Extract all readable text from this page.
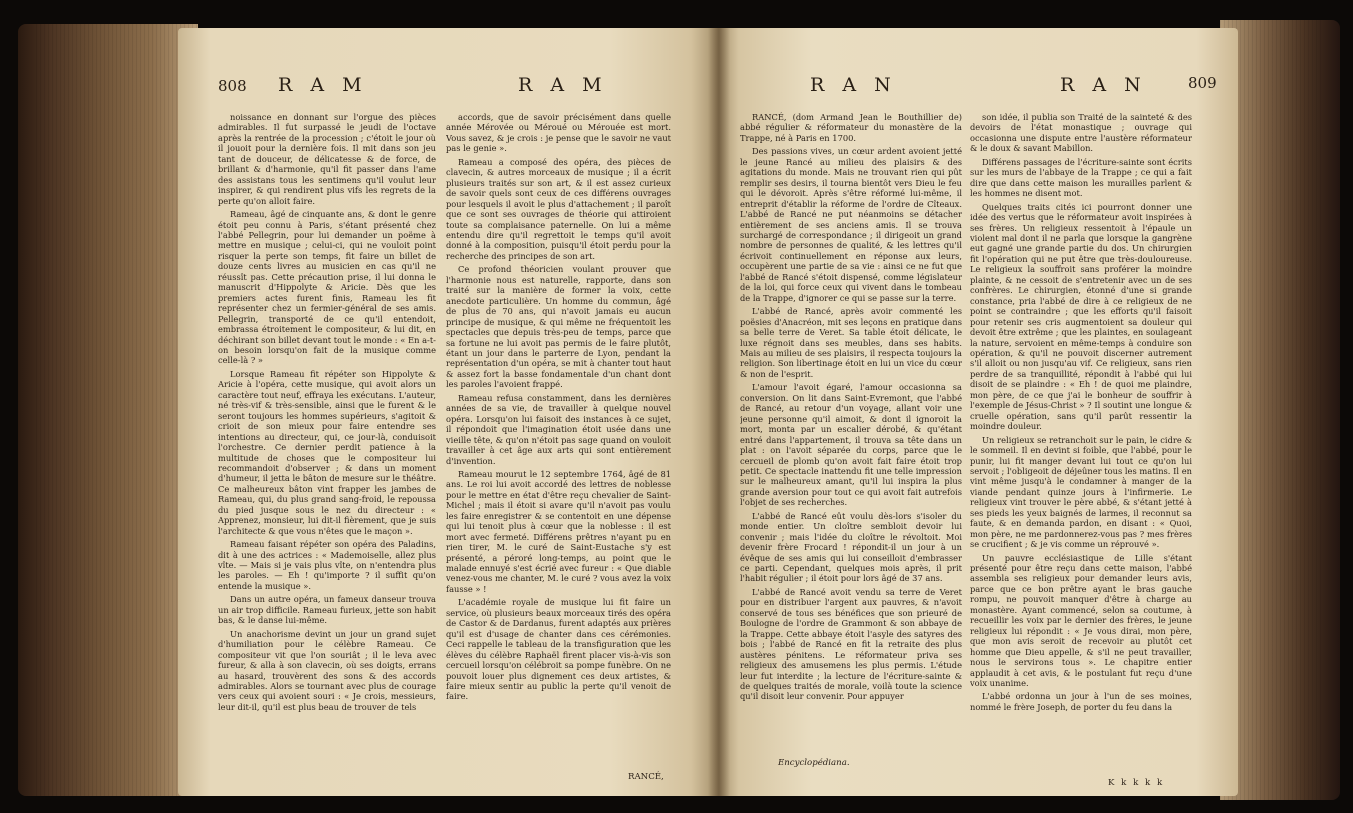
808 R A M	R A M

noissance en donnant sur l'orgue des pièces admirables. Il fut surpassé le jeudi de l'octave après la rentrée de la procession ; c'étoit le jour où il jouoit pour la dernière fois. Il mit dans son jeu tant de douceur, de délicatesse & de force, de brillant & d'harmonie, qu'il fit passer dans l'ame des assistans tous les sentimens qu'il voulut leur inspirer, & qui rendirent plus vifs les regrets de la perte qu'on alloit faire.

Rameau, âgé de cinquante ans, & dont le genre étoit peu connu à Paris, s'étant présenté chez l'abbé Pellegrin, pour lui demander un poëme à mettre en musique ; celui-ci, qui ne vouloit point risquer la perte son temps, fit faire un billet de douze cents livres au musicien en cas qu'il ne réussît pas. Cette précaution prise, il lui donna le manuscrit d'Hippolyte & Aricie. Dès que les premiers actes furent finis, Rameau les fit représenter chez un fermier-général de ses amis. Pellegrin, transporté de ce qu'il entendoit, embrassa étroitement le compositeur, & lui dit, en déchirant son billet devant tout le monde : « En a-t-on besoin lorsqu'on fait de la musique comme celle-là ? »

Lorsque Rameau fit répéter son Hippolyte & Aricie à l'opéra, cette musique, qui avoit alors un caractère tout neuf, effraya les exécutans. L'auteur, né très-vif & très-sensible, ainsi que le furent & le seront toujours les hommes supérieurs, s'agitoit & crioit de son mieux pour faire entendre ses intentions au directeur, qui, ce jour-là, conduisoit l'orchestre. Ce dernier perdit patience à la multitude de choses que le compositeur lui recommandoit d'observer ; & dans un moment d'humeur, il jetta le bâton de mesure sur le théâtre. Ce malheureux bâton vint frapper les jambes de Rameau, qui, du plus grand sang-froid, le repoussa du pied jusque sous le nez du directeur : « Apprenez, monsieur, lui dit-il fièrement, que je suis l'architecte & que vous n'êtes que le maçon ».

Rameau faisant répéter son opéra des Paladins, dit à une des actrices : « Mademoiselle, allez plus vîte. — Mais si je vais plus vîte, on n'entendra plus les paroles. — Eh ! qu'importe ? il suffit qu'on entende la musique ».

Dans un autre opéra, un fameux danseur trouva un air trop difficile. Rameau furieux, jette son habit bas, & le danse lui-même.

Un anachorisme devint un jour un grand sujet d'humiliation pour le célèbre Rameau. Ce compositeur vit que l'on souriât ; il le leva avec fureur, & alla à son clavecin, où ses doigts, errans au hasard, trouvèrent des sons & des accords admirables. Alors se tournant avec plus de courage vers ceux qui avoient souri : « Je crois, messieurs, leur dit-il, qu'il est plus beau de trouver de tels

accords, que de savoir précisément dans quelle année Mérovée ou Méroué ou Mérouée est mort. Vous savez, & je crois : je pense que le savoir ne vaut pas le genie ».

Rameau a composé des opéra, des pièces de clavecin, & autres morceaux de musique ; il a écrit plusieurs traités sur son art, & il est assez curieux de savoir quels sont ceux de ces différens ouvrages pour lesquels il avoit le plus d'attachement ; il paroît que ce sont ses ouvrages de théorie qui attiroient toute sa complaisance paternelle. On lui a même entendu dire qu'il regrettoit le temps qu'il avoit donné à la composition, puisqu'il étoit perdu pour la recherche des principes de son art.

Ce profond théoricien voulant prouver que l'harmonie nous est naturelle, rapporte, dans son traité sur la manière de former la voix, cette anecdote particulière. Un homme du commun, âgé de plus de 70 ans, qui n'avoit jamais eu aucun principe de musique, & qui même ne fréquentoit les spectacles que depuis très-peu de temps, parce que sa fortune ne lui avoit pas permis de le faire plutôt, étant un jour dans le parterre de Lyon, pendant la représentation d'un opéra, se mit à chanter tout haut & assez fort la basse fondamentale d'un chant dont les paroles l'avoient frappé.

Rameau refusa constamment, dans les dernières années de sa vie, de travailler à quelque nouvel opéra. Lorsqu'on lui faisoit des instances à ce sujet, il répondoit que l'imagination étoit usée dans une vieille tête, & qu'on n'étoit pas sage quand on vouloit travailler à cet âge aux arts qui sont entièrement d'invention.

Rameau mourut le 12 septembre 1764, âgé de 81 ans. Le roi lui avoit accordé des lettres de noblesse pour le mettre en état d'être reçu chevalier de Saint-Michel ; mais il étoit si avare qu'il n'avoit pas voulu les faire enregistrer & se contentoit en une dépense qui lui tenoit plus à cœur que la noblesse : il est mort avec fermeté. Différens prêtres n'ayant pu en rien tirer, M. le curé de Saint-Eustache s'y est présenté, a péroré long-temps, au point que le malade ennuyé s'est écrié avec fureur : « Que diable venez-vous me chanter, M. le curé ? vous avez la voix fausse » !

L'académie royale de musique lui fit faire un service, où plusieurs beaux morceaux tirés des opéra de Castor & de Dardanus, furent adaptés aux prières qu'il est d'usage de chanter dans ces cérémonies. Ceci rappelle le tableau de la transfiguration que les élèves du célèbre Raphaël firent placer vis-à-vis son cercueil lorsqu'on célébroit sa pompe funèbre. On ne pouvoit louer plus dignement ces deux artistes, & faire mieux sentir au public la perte qu'il venoit de faire.

RANCÉ,
R A N	R A N	809

RANCÉ, (dom Armand Jean le Bouthillier de) abbé régulier & réformateur du monastère de la Trappe, né à Paris en 1700.

Des passions vives, un cœur ardent avoient jetté le jeune Rancé au milieu des plaisirs & des agitations du monde. Mais ne trouvant rien qui pût remplir ses desirs, il tourna bientôt vers Dieu le feu qui le dévoroit. Après s'être réformé lui-même, il entreprit d'établir la réforme de l'ordre de Cîteaux. L'abbé de Rancé ne put néanmoins se détacher entièrement de ses anciens amis. Il se trouva surchargé de correspondance ; il dirigeoit un grand nombre de personnes de qualité, & les lettres qu'il écrivoit continuellement en réponse aux leurs, occupèrent une partie de sa vie : ainsi ce ne fut que l'abbé de Rancé s'étoit dispensé, comme législateur de la loi, qui force ceux qui vivent dans le tombeau de la Trappe, d'ignorer ce qui se passe sur la terre.

L'abbé de Rancé, après avoir commenté les poësies d'Anacréon, mit ses leçons en pratique dans sa belle terre de Veret. Sa table étoit délicate, le luxe régnoit dans ses meubles, dans ses habits. Mais au milieu de ses plaisirs, il respecta toujours la religion. Son libertinage étoit en lui un vice du cœur & non de l'esprit.

L'amour l'avoit égaré, l'amour occasionna sa conversion. On lit dans Saint-Evremont, que l'abbé de Rancé, au retour d'un voyage, allant voir une jeune personne qu'il aimoit, & dont il ignoroit la mort, monta par un escalier dérobé, & qu'étant entré dans l'appartement, il trouva sa tête dans un plat : on l'avoit séparée du corps, parce que le cercueil de plomb qu'on avoit fait faire étoit trop petit. Ce spectacle inattendu fit une telle impression sur le malheureux amant, qu'il lui inspira la plus grande aversion pour tout ce qui avoit fait autrefois l'objet de ses recherches.

L'abbé de Rancé eût voulu dès-lors s'isoler du monde entier. Un cloître sembloit devoir lui convenir ; mais l'idée du cloître le révoltoit. Moi devenir frère Frocard ! répondit-il un jour à un évêque de ses amis qui lui conseilloit d'embrasser ce parti. Cependant, quelques mois après, il prit l'habit régulier ; il étoit pour lors âgé de 37 ans.

L'abbé de Rancé avoit vendu sa terre de Veret pour en distribuer l'argent aux pauvres, & n'avoit conservé de tous ses bénéfices que son prieuré de Boulogne de l'ordre de Grammont & son abbaye de la Trappe. Cette abbaye étoit l'asyle des satyres des bois ; l'abbé de Rancé en fit la retraite des plus austères pénitens. Le réformateur priva ses religieux des amusemens les plus permis. L'étude leur fut interdite ; la lecture de l'écriture-sainte & de quelques traités de morale, voilà toute la science qu'il disoit leur convenir. Pour appuyer

son idée, il publia son Traité de la sainteté & des devoirs de l'état monastique ; ouvrage qui occasionna une dispute entre l'austère réformateur & le doux & savant Mabillon.

Différens passages de l'écriture-sainte sont écrits sur les murs de l'abbaye de la Trappe ; ce qui a fait dire que dans cette maison les murailles parlent & les hommes ne disent mot.

Quelques traits cités ici pourront donner une idée des vertus que le réformateur avoit inspirées à ses frères. Un religieux ressentoit à l'épaule un violent mal dont il ne parla que lorsque la gangrène eut gagné une grande partie du dos. Un chirurgien fit l'opération qui ne put être que très-douloureuse. Le religieux la souffroit sans proférer la moindre plainte, & ne cessoit de s'entretenir avec un de ses confrères. Le chirurgien, étonné d'une si grande constance, pria l'abbé de dire à ce religieux de ne point se contraindre ; que les efforts qu'il faisoit pour retenir ses cris augmentoient sa douleur qui devoit être extrême ; que les plaintes, en soulageant la nature, servoient en même-temps à conduire son opération, & qu'il ne pouvoit discerner autrement s'il alloit ou non jusqu'au vif. Ce religieux, sans rien perdre de sa tranquillité, répondit à l'abbé qui lui disoit de se plaindre : « Eh ! de quoi me plaindre, mon père, de ce que j'ai le bonheur de souffrir à l'exemple de Jésus-Christ » ? Il soutint une longue & cruelle opération, sans qu'il parût ressentir la moindre douleur.

Un religieux se retranchoit sur le pain, le cidre & le sommeil. Il en devint si foible, que l'abbé, pour le punir, lui fit manger devant lui tout ce qu'on lui servoit ; l'obligeoit de déjeûner tous les matins. Il en vint même jusqu'à le condamner à manger de la viande pendant quinze jours à l'infirmerie. Le religieux vint trouver le père abbé, & s'étant jetté à ses pieds les yeux baignés de larmes, il reconnut sa faute, & en demanda pardon, en disant : « Quoi, mon père, ne me pardonnerez-vous pas ? mes frères se crucifient ; & je vis comme un réprouvé ».

Un pauvre ecclésiastique de Lille s'étant présenté pour être reçu dans cette maison, l'abbé assembla ses religieux pour demander leurs avis, parce que ce bon prêtre ayant le bras gauche rompu, ne pouvoit manquer d'être à charge au monastère. Ayant commencé, selon sa coutume, à recueillir les voix par le dernier des frères, le jeune religieux lui répondit : « Je vous dirai, mon père, que mon avis seroit de recevoir au plutôt cet homme que Dieu appelle, & s'il ne peut travailler, nous le servirons tous ». Le chapitre entier applaudit à cet avis, & le postulant fut reçu d'une voix unanime.

L'abbé ordonna un jour à l'un de ses moines, nommé le frère Joseph, de porter du feu dans la

Encyclopédiana.
K k k k k
